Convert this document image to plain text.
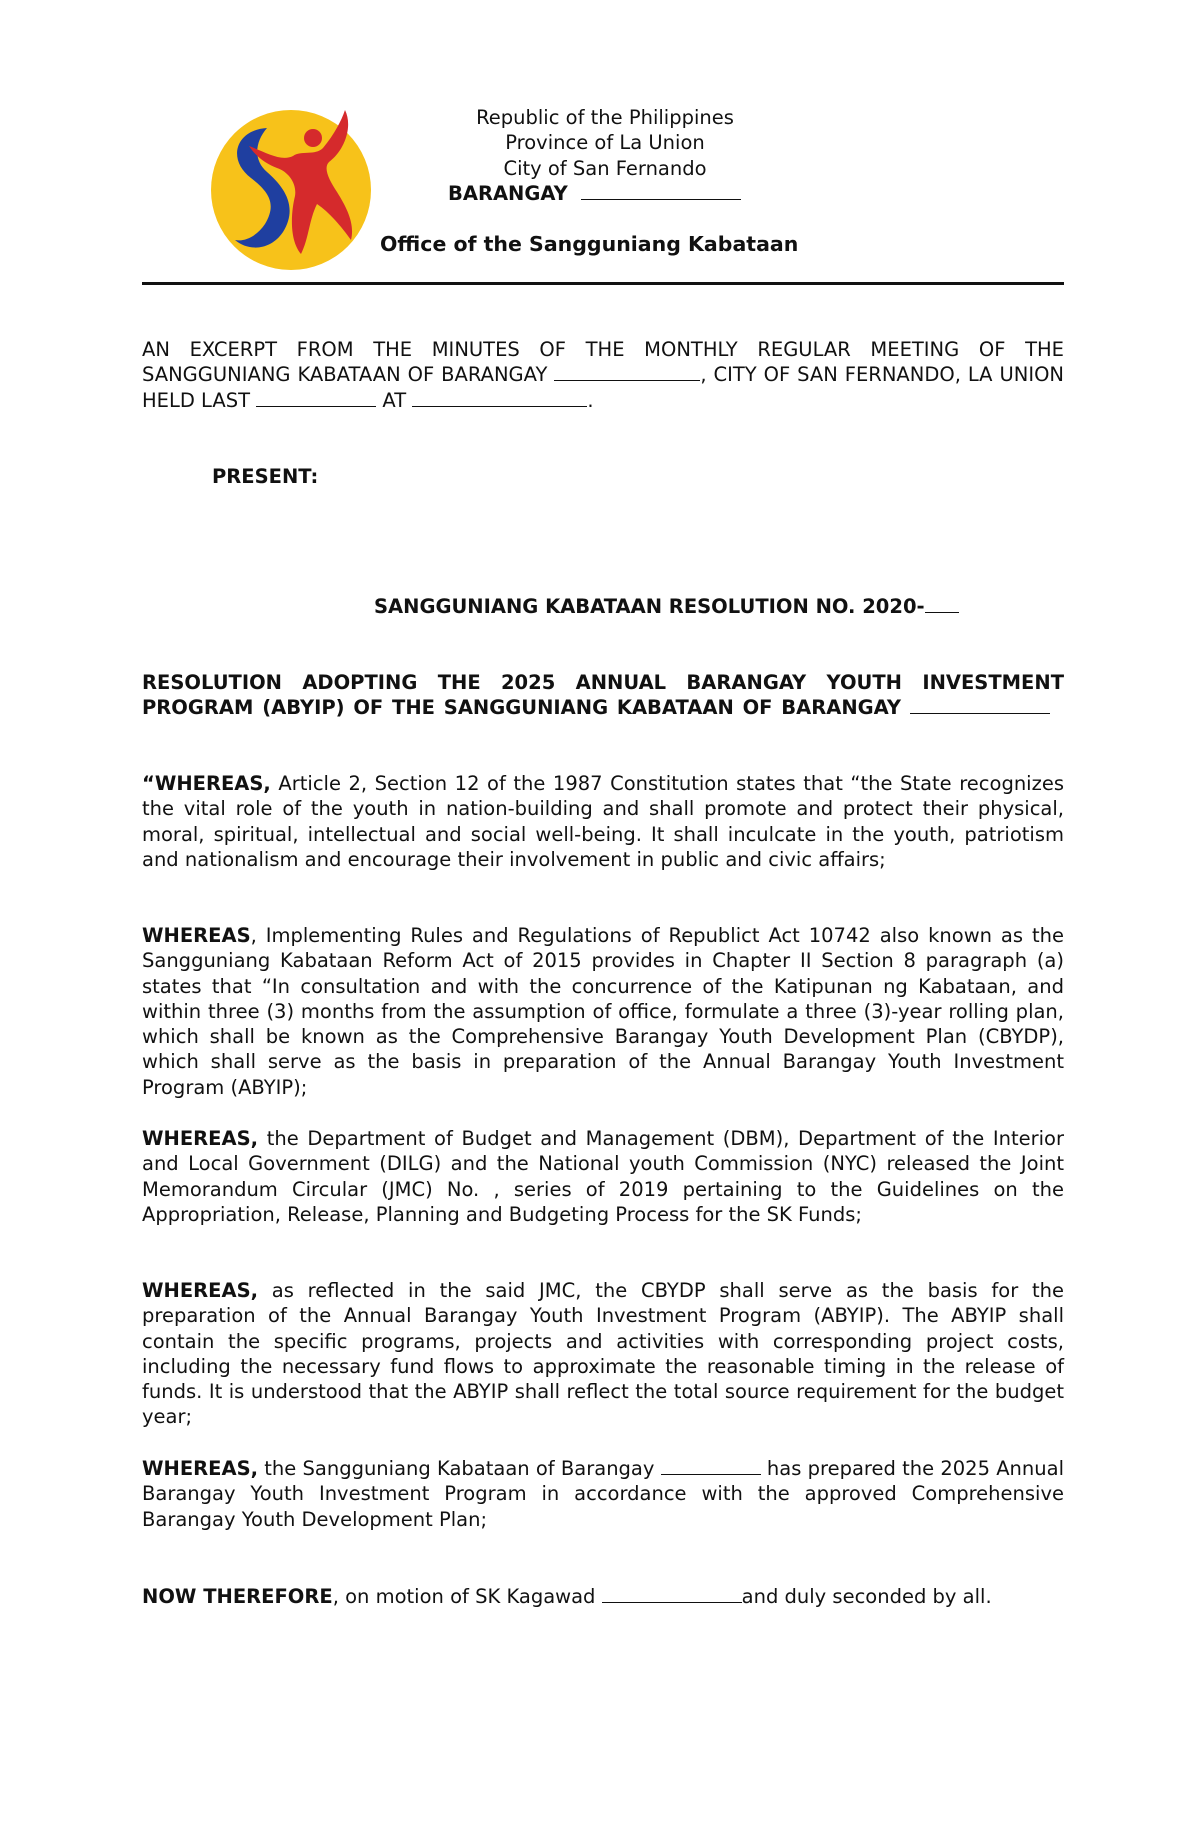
Republic of the Philippines
Province of La Union
City of San Fernando
BARANGAY
Office of the Sangguniang Kabataan

AN EXCERPT FROM THE MINUTES OF THE MONTHLY REGULAR MEETING OF THE SANGGUNIANG KABATAAN OF BARANGAY	, CITY OF SAN FERNANDO, LA UNION HELD LAST	AT	.

PRESENT:
SANGGUNIANG KABATAAN RESOLUTION NO. 2020-
RESOLUTION ADOPTING THE 2025 ANNUAL BARANGAY YOUTH INVESTMENT PROGRAM (ABYIP) OF THE SANGGUNIANG KABATAAN OF BARANGAY

“WHEREAS, Article 2, Section 12 of the 1987 Constitution states that “the State recognizes the vital role of the youth in nation-building and shall promote and protect their physical, moral, spiritual, intellectual and social well-being. It shall inculcate in the youth, patriotism and nationalism and encourage their involvement in public and civic affairs;

WHEREAS, Implementing Rules and Regulations of Republict Act 10742 also known as the Sangguniang Kabataan Reform Act of 2015 provides in Chapter II Section 8 paragraph (a) states that “In consultation and with the concurrence of the Katipunan ng Kabataan, and within three (3) months from the assumption of office, formulate a three (3)-year rolling plan, which shall be known as the Comprehensive Barangay Youth Development Plan (CBYDP), which shall serve as the basis in preparation of the Annual Barangay Youth Investment Program (ABYIP);

WHEREAS, the Department of Budget and Management (DBM), Department of the Interior and Local Government (DILG) and the National youth Commission (NYC) released the Joint Memorandum Circular (JMC) No. , series of 2019 pertaining to the Guidelines on the Appropriation, Release, Planning and Budgeting Process for the SK Funds;

WHEREAS, as reflected in the said JMC, the CBYDP shall serve as the basis for the preparation of the Annual Barangay Youth Investment Program (ABYIP). The ABYIP shall contain the specific programs, projects and activities with corresponding project costs, including the necessary fund flows to approximate the reasonable timing in the release of funds. It is understood that the ABYIP shall reflect the total source requirement for the budget year;

WHEREAS, the Sangguniang Kabataan of Barangay	has prepared the 2025 Annual Barangay Youth Investment Program in accordance with the approved Comprehensive Barangay Youth Development Plan;

NOW THEREFORE, on motion of SK Kagawad	and duly seconded by all.
